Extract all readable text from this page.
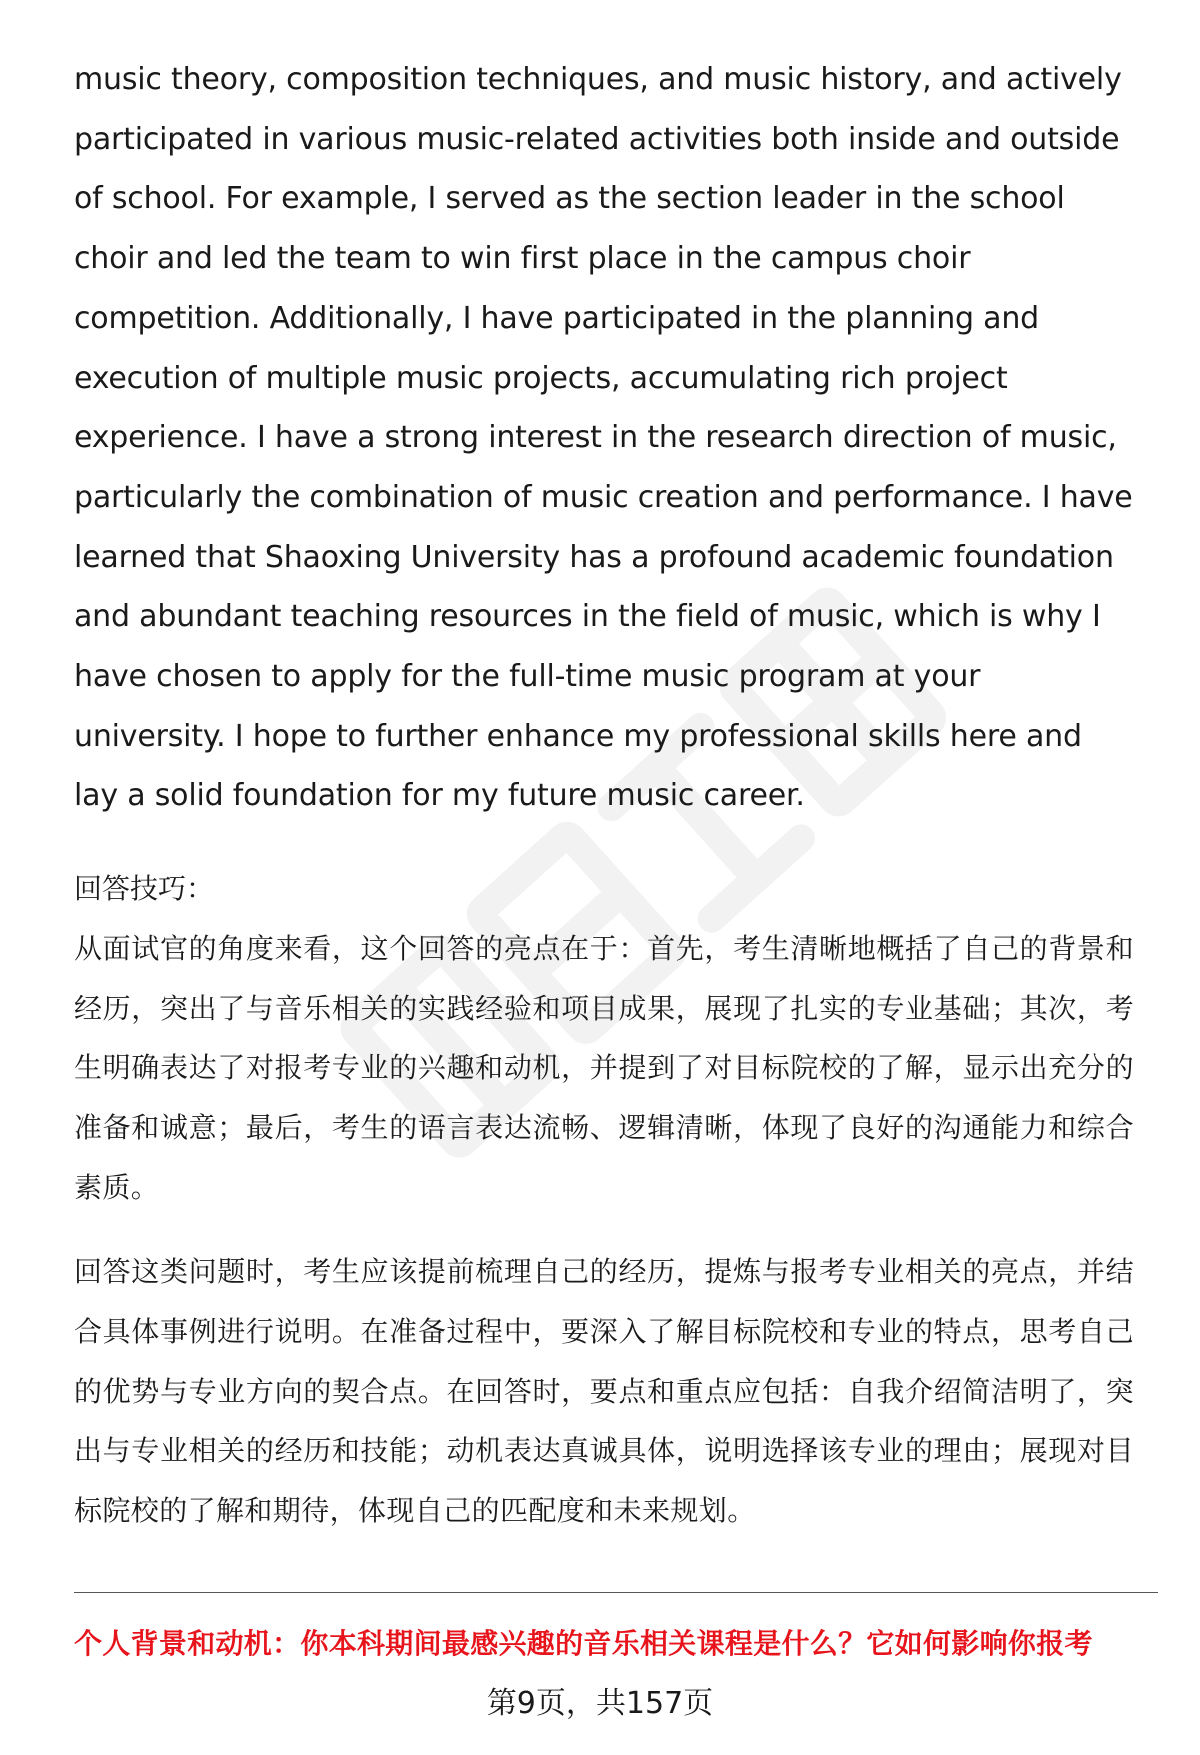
music theory, composition techniques, and music history, and actively participated in various music-related activities both inside and outside of school. For example, I served as the section leader in the school choir and led the team to win first place in the campus choir competition. Additionally, I have participated in the planning and execution of multiple music projects, accumulating rich project experience. I have a strong interest in the research direction of music, particularly the combination of music creation and performance. I have learned that Shaoxing University has a profound academic foundation and abundant teaching resources in the field of music, which is why I have chosen to apply for the full-time music program at your university. I hope to further enhance my professional skills here and lay a solid foundation for my future music career.

回答技巧：

从面试官的角度来看，这个回答的亮点在于：首先，考生清晰地概括了自己的背景和经历，突出了与音乐相关的实践经验和项目成果，展现了扎实的专业基础；其次，考生明确表达了对报考专业的兴趣和动机，并提到了对目标院校的了解，显示出充分的准备和诚意；最后，考生的语言表达流畅、逻辑清晰，体现了良好的沟通能力和综合素质。

回答这类问题时，考生应该提前梳理自己的经历，提炼与报考专业相关的亮点，并结合具体事例进行说明。在准备过程中，要深入了解目标院校和专业的特点，思考自己的优势与专业方向的契合点。在回答时，要点和重点应包括：自我介绍简洁明了，突出与专业相关的经历和技能；动机表达真诚具体，说明选择该专业的理由；展现对目标院校的了解和期待，体现自己的匹配度和未来规划。

个人背景和动机：你本科期间最感兴趣的音乐相关课程是什么？它如何影响你报考
第9页，共157页
